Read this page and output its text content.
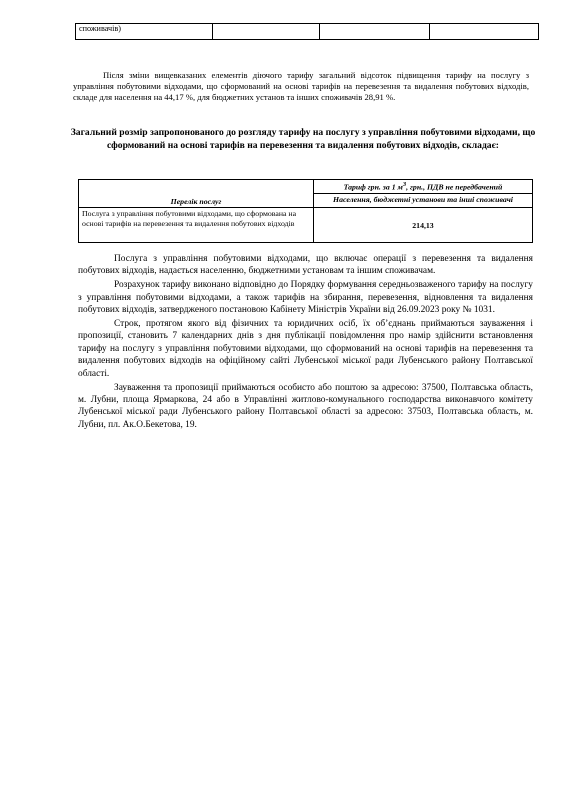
споживачів)			

Після зміни вищевказаних елементів діючого тарифу загальний відсоток підвищення тарифу на послугу з управління побутовими відходами, що сформований на основі тарифів на перевезення та видалення побутових відходів, складе для населення на 44,17 %, для бюджетних установ та інших споживачів 28,91 %.

Загальний розмір запропонованого до розгляду тарифу на послугу з управління побутовими відходами, що сформований на основі тарифів на перевезення та видалення побутових відходів, складає:

Перелік послуг	Тариф грн. за 1 $м^3$, грн., ПДВ не передбачений
	Населення, бюджетні установи та інші споживачі
Послуга з управління побутовими відходами, що сформована на основі тарифів на перевезення та видалення побутових відходів	214,13

Послуга з управління побутовими відходами, що включає операції з перевезення та видалення побутових відходів, надається населенню, бюджетними установам та іншим споживачам.

Розрахунок тарифу виконано відповідно до Порядку формування середньозваженого тарифу на послугу з управління побутовими відходами, а також тарифів на збирання, перевезення, відновлення та видалення побутових відходів, затвердженого постановою Кабінету Міністрів України від 26.09.2023 року № 1031.

Строк, протягом якого від фізичних та юридичних осіб, їх об’єднань приймаються зауваження і пропозиції, становить 7 календарних днів з дня публікації повідомлення про намір здійснити встановлення тарифу на послугу з управління побутовими відходами, що сформований на основі тарифів на перевезення та видалення побутових відходів на офіційному сайті Лубенської міської ради Лубенського району Полтавської області.

Зауваження та пропозиції приймаються особисто або поштою за адресою: 37500, Полтавська область, м. Лубни, площа Ярмаркова, 24 або в Управлінні житлово-комунального господарства виконавчого комітету Лубенської міської ради Лубенського району Полтавської області за адресою: 37503, Полтавська область, м. Лубни, пл. Ак.О.Бекетова, 19.
